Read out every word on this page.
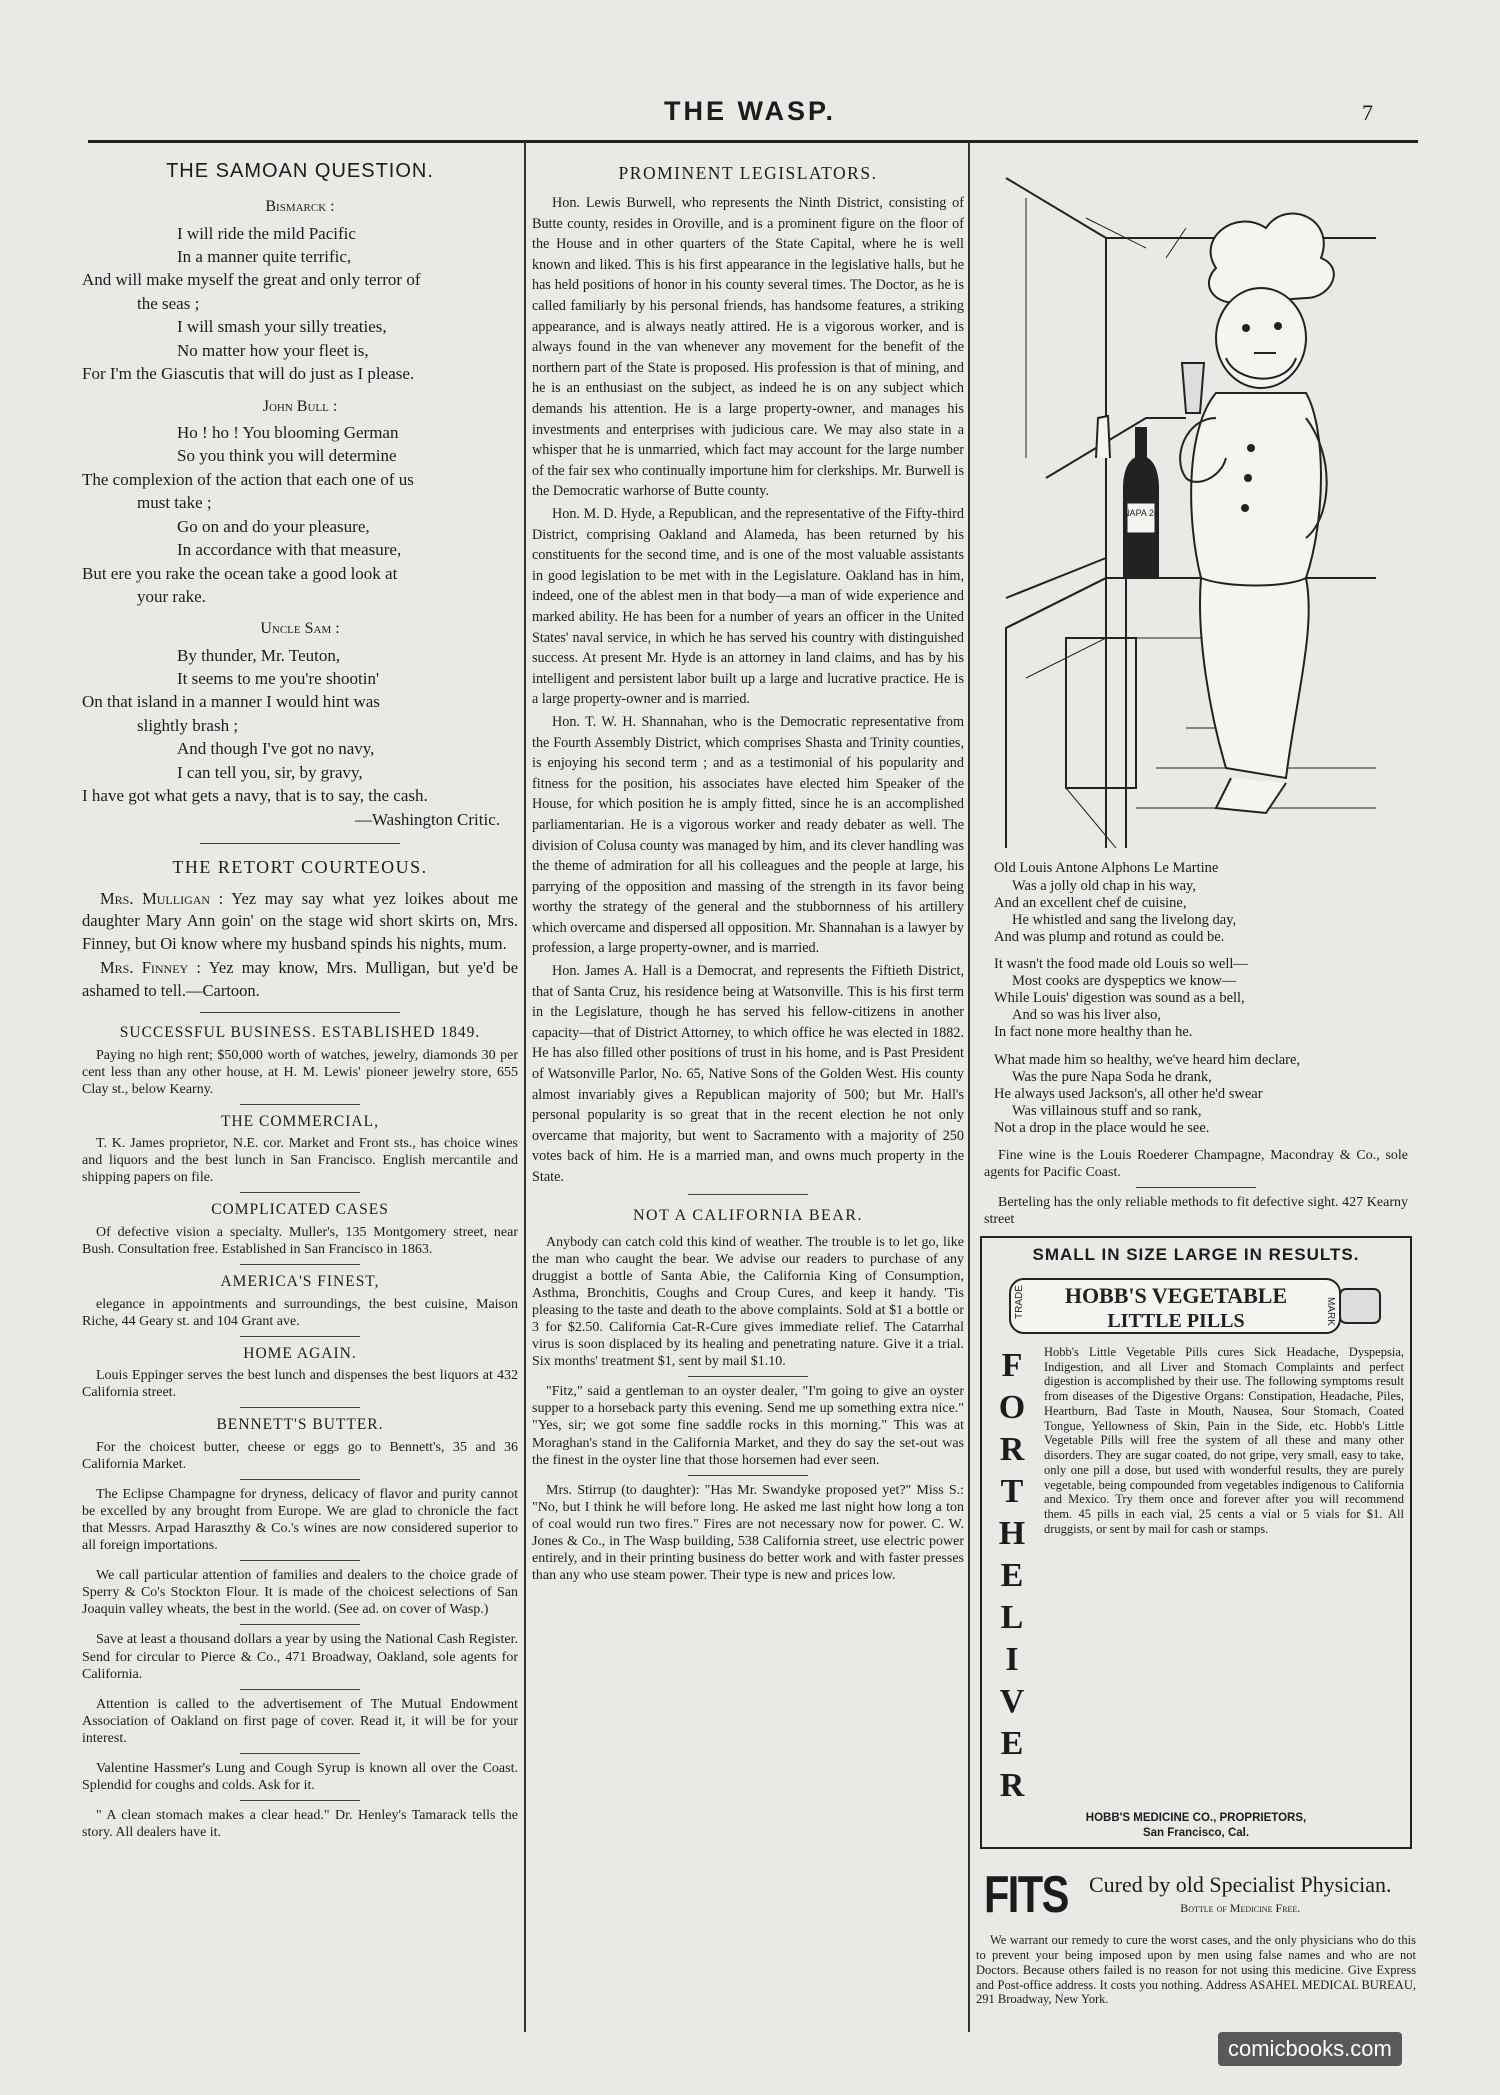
THE WASP.	7
THE SAMOAN QUESTION.
Bismarck :
I will ride the mild Pacific
In a manner quite terrific,
And will make myself the great and only terror of
the seas ;
I will smash your silly treaties,
No matter how your fleet is,
For I'm the Giascutis that will do just as I please.
John Bull :
Ho ! ho ! You blooming German
So you think you will determine
The complexion of the action that each one of us
must take ;
Go on and do your pleasure,
In accordance with that measure,
But ere you rake the ocean take a good look at
your rake.
Uncle Sam :
By thunder, Mr. Teuton,
It seems to me you're shootin'
On that island in a manner I would hint was
slightly brash ;
And though I've got no navy,
I can tell you, sir, by gravy,
I have got what gets a navy, that is to say, the cash.
—Washington Critic.
THE RETORT COURTEOUS.

Mrs. Mulligan : Yez may say what yez loikes about me daughter Mary Ann goin' on the stage wid short skirts on, Mrs. Finney, but Oi know where my husband spinds his nights, mum.

Mrs. Finney : Yez may know, Mrs. Mulligan, but ye'd be ashamed to tell.—Cartoon.

SUCCESSFUL BUSINESS. ESTABLISHED 1849.

Paying no high rent; $50,000 worth of watches, jewelry, diamonds 30 per cent less than any other house, at H. M. Lewis' pioneer jewelry store, 655 Clay st., below Kearny.

THE COMMERCIAL,

T. K. James proprietor, N.E. cor. Market and Front sts., has choice wines and liquors and the best lunch in San Francisco. English mercantile and shipping papers on file.

COMPLICATED CASES

Of defective vision a specialty. Muller's, 135 Montgomery street, near Bush. Consultation free. Established in San Francisco in 1863.

AMERICA'S FINEST,

elegance in appointments and surroundings, the best cuisine, Maison Riche, 44 Geary st. and 104 Grant ave.

HOME AGAIN.

Louis Eppinger serves the best lunch and dispenses the best liquors at 432 California street.

BENNETT'S BUTTER.

For the choicest butter, cheese or eggs go to Bennett's, 35 and 36 California Market.

The Eclipse Champagne for dryness, delicacy of flavor and purity cannot be excelled by any brought from Europe. We are glad to chronicle the fact that Messrs. Arpad Haraszthy & Co.'s wines are now considered superior to all foreign importations.

We call particular attention of families and dealers to the choice grade of Sperry & Co's Stockton Flour. It is made of the choicest selections of San Joaquin valley wheats, the best in the world. (See ad. on cover of Wasp.)

Save at least a thousand dollars a year by using the National Cash Register. Send for circular to Pierce & Co., 471 Broadway, Oakland, sole agents for California.

Attention is called to the advertisement of The Mutual Endowment Association of Oakland on first page of cover. Read it, it will be for your interest.

Valentine Hassmer's Lung and Cough Syrup is known all over the Coast. Splendid for coughs and colds. Ask for it.

" A clean stomach makes a clear head." Dr. Henley's Tamarack tells the story. All dealers have it.

PROMINENT LEGISLATORS.

Hon. Lewis Burwell, who represents the Ninth District, consisting of Butte county, resides in Oroville, and is a prominent figure on the floor of the House and in other quarters of the State Capital, where he is well known and liked. This is his first appearance in the legislative halls, but he has held positions of honor in his county several times. The Doctor, as he is called familiarly by his personal friends, has handsome features, a striking appearance, and is always neatly attired. He is a vigorous worker, and is always found in the van whenever any movement for the benefit of the northern part of the State is proposed. His profession is that of mining, and he is an enthusiast on the subject, as indeed he is on any subject which demands his attention. He is a large property-owner, and manages his investments and enterprises with judicious care. We may also state in a whisper that he is unmarried, which fact may account for the large number of the fair sex who continually importune him for clerkships. Mr. Burwell is the Democratic warhorse of Butte county.

Hon. M. D. Hyde, a Republican, and the representative of the Fifty-third District, comprising Oakland and Alameda, has been returned by his constituents for the second time, and is one of the most valuable assistants in good legislation to be met with in the Legislature. Oakland has in him, indeed, one of the ablest men in that body—a man of wide experience and marked ability. He has been for a number of years an officer in the United States' naval service, in which he has served his country with distinguished success. At present Mr. Hyde is an attorney in land claims, and has by his intelligent and persistent labor built up a large and lucrative practice. He is a large property-owner and is married.

Hon. T. W. H. Shannahan, who is the Democratic representative from the Fourth Assembly District, which comprises Shasta and Trinity counties, is enjoying his second term ; and as a testimonial of his popularity and fitness for the position, his associates have elected him Speaker of the House, for which position he is amply fitted, since he is an accomplished parliamentarian. He is a vigorous worker and ready debater as well. The division of Colusa county was managed by him, and its clever handling was the theme of admiration for all his colleagues and the people at large, his parrying of the opposition and massing of the strength in its favor being worthy the strategy of the general and the stubbornness of his artillery which overcame and dispersed all opposition. Mr. Shannahan is a lawyer by profession, a large property-owner, and is married.

Hon. James A. Hall is a Democrat, and represents the Fiftieth District, that of Santa Cruz, his residence being at Watsonville. This is his first term in the Legislature, though he has served his fellow-citizens in another capacity—that of District Attorney, to which office he was elected in 1882. He has also filled other positions of trust in his home, and is Past President of Watsonville Parlor, No. 65, Native Sons of the Golden West. His county almost invariably gives a Republican majority of 500; but Mr. Hall's personal popularity is so great that in the recent election he not only overcame that majority, but went to Sacramento with a majority of 250 votes back of him. He is a married man, and owns much property in the State.

NOT A CALIFORNIA BEAR.

Anybody can catch cold this kind of weather. The trouble is to let go, like the man who caught the bear. We advise our readers to purchase of any druggist a bottle of Santa Abie, the California King of Consumption, Asthma, Bronchitis, Coughs and Croup Cures, and keep it handy. 'Tis pleasing to the taste and death to the above complaints. Sold at $1 a bottle or 3 for $2.50. California Cat-R-Cure gives immediate relief. The Catarrhal virus is soon displaced by its healing and penetrating nature. Give it a trial. Six months' treatment $1, sent by mail $1.10.

"Fitz," said a gentleman to an oyster dealer, "I'm going to give an oyster supper to a horseback party this evening. Send me up something extra nice." "Yes, sir; we got some fine saddle rocks in this morning." This was at Moraghan's stand in the California Market, and they do say the set-out was the finest in the oyster line that those horsemen had ever seen.

Mrs. Stirrup (to daughter): "Has Mr. Swandyke proposed yet?" Miss S.: "No, but I think he will before long. He asked me last night how long a ton of coal would run two fires." Fires are not necessary now for power. C. W. Jones & Co., in The Wasp building, 538 California street, use electric power entirely, and in their printing business do better work and with faster presses than any who use steam power. Their type is new and prices low.

NAPA 20
Old Louis Antone Alphons Le Martine
Was a jolly old chap in his way,
And an excellent chef de cuisine,
He whistled and sang the livelong day,
And was plump and rotund as could be.
It wasn't the food made old Louis so well—
Most cooks are dyspeptics we know—
While Louis' digestion was sound as a bell,
And so was his liver also,
In fact none more healthy than he.
What made him so healthy, we've heard him declare,
Was the pure Napa Soda he drank,
He always used Jackson's, all other he'd swear
Was villainous stuff and so rank,
Not a drop in the place would he see.

Fine wine is the Louis Roederer Champagne, Macondray & Co., sole agents for Pacific Coast.

Berteling has the only reliable methods to fit defective sight. 427 Kearny street

SMALL IN SIZE LARGE IN RESULTS.
TRADE HOBB'S VEGETABLE
LITTLE PILLS	MARK
F
O
R
T
H
E
L
I
V
E
R
Hobb's Little Vegetable Pills cures Sick Headache, Dyspepsia, Indigestion, and all Liver and Stomach Complaints and perfect digestion is accomplished by their use. The following symptoms result from diseases of the Digestive Organs: Constipation, Headache, Piles, Heartburn, Bad Taste in Mouth, Nausea, Sour Stomach, Coated Tongue, Yellowness of Skin, Pain in the Side, etc. Hobb's Little Vegetable Pills will free the system of all these and many other disorders. They are sugar coated, do not gripe, very small, easy to take, only one pill a dose, but used with wonderful results, they are purely vegetable, being compounded from vegetables indigenous to California and Mexico. Try them once and forever after you will recommend them. 45 pills in each vial, 25 cents a vial or 5 vials for $1. All druggists, or sent by mail for cash or stamps.
HOBB'S MEDICINE CO., PROPRIETORS,
San Francisco, Cal.
FITS Cured by old Specialist Physician.
Bottle of Medicine Free.

We warrant our remedy to cure the worst cases, and the only physicians who do this to prevent your being imposed upon by men using false names and who are not Doctors. Because others failed is no reason for not using this medicine. Give Express and Post-office address. It costs you nothing. Address ASAHEL MEDICAL BUREAU, 291 Broadway, New York.

comicbooks.com
